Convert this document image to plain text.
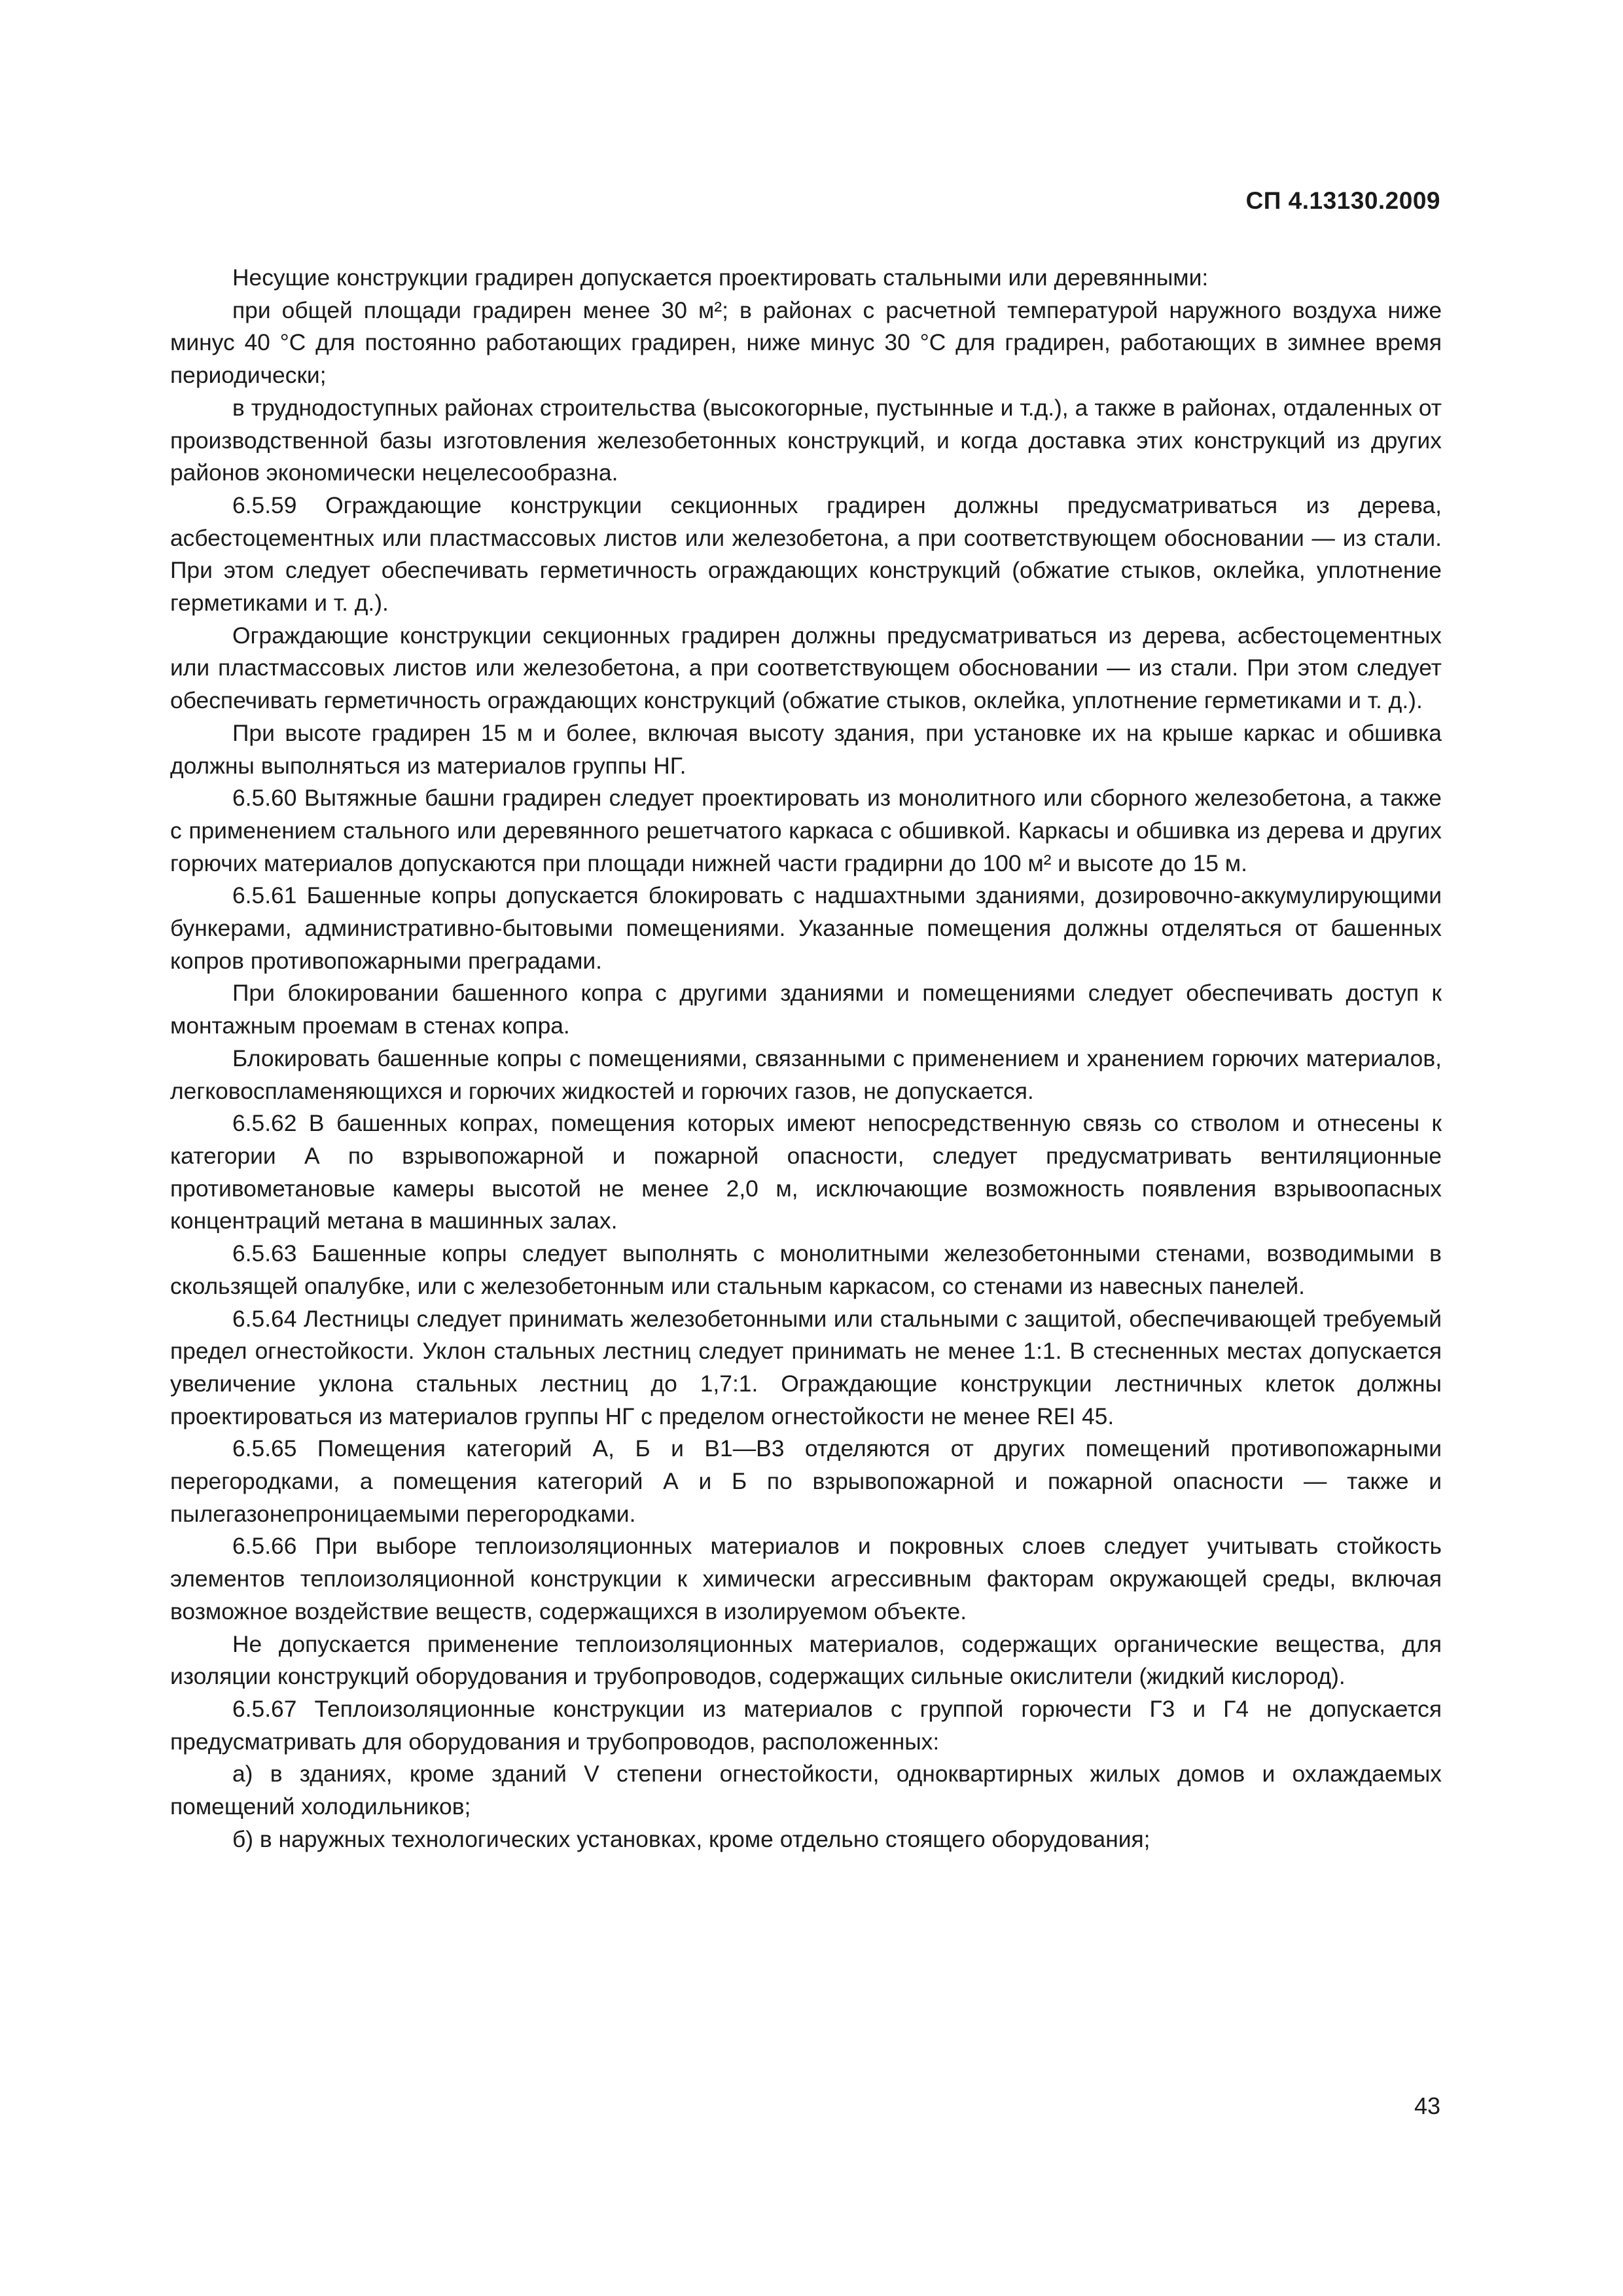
СП 4.13130.2009

Несущие конструкции градирен допускается проектировать стальными или деревянными:

при общей площади градирен менее 30 м²; в районах с расчетной температурой наружного воздуха ниже минус 40 °С для постоянно работающих градирен, ниже минус 30 °С для градирен, работающих в зимнее время периодически;

в труднодоступных районах строительства (высокогорные, пустынные и т.д.), а также в районах, отдаленных от производственной базы изготовления железобетонных конструкций, и когда доставка этих конструкций из других районов экономически нецелесообразна.

6.5.59 Ограждающие конструкции секционных градирен должны предусматриваться из дерева, асбестоцементных или пластмассовых листов или железобетона, а при соответствующем обосновании — из стали. При этом следует обеспечивать герметичность ограждающих конструкций (обжатие стыков, оклейка, уплотнение герметиками и т. д.).

Ограждающие конструкции секционных градирен должны предусматриваться из дерева, асбестоцементных или пластмассовых листов или железобетона, а при соответствующем обосновании — из стали. При этом следует обеспечивать герметичность ограждающих конструкций (обжатие стыков, оклейка, уплотнение герметиками и т. д.).

При высоте градирен 15 м и более, включая высоту здания, при установке их на крыше каркас и обшивка должны выполняться из материалов группы НГ.

6.5.60 Вытяжные башни градирен следует проектировать из монолитного или сборного железобетона, а также с применением стального или деревянного решетчатого каркаса с обшивкой. Каркасы и обшивка из дерева и других горючих материалов допускаются при площади нижней части градирни до 100 м² и высоте до 15 м.

6.5.61 Башенные копры допускается блокировать с надшахтными зданиями, дозировочно-аккумулирующими бункерами, административно-бытовыми помещениями. Указанные помещения должны отделяться от башенных копров противопожарными преградами.

При блокировании башенного копра с другими зданиями и помещениями следует обеспечивать доступ к монтажным проемам в стенах копра.

Блокировать башенные копры с помещениями, связанными с применением и хранением горючих материалов, легковоспламеняющихся и горючих жидкостей и горючих газов, не допускается.

6.5.62 В башенных копрах, помещения которых имеют непосредственную связь со стволом и отнесены к категории А по взрывопожарной и пожарной опасности, следует предусматривать вентиляционные противометановые камеры высотой не менее 2,0 м, исключающие возможность появления взрывоопасных концентраций метана в машинных залах.

6.5.63 Башенные копры следует выполнять с монолитными железобетонными стенами, возводимыми в скользящей опалубке, или с железобетонным или стальным каркасом, со стенами из навесных панелей.

6.5.64 Лестницы следует принимать железобетонными или стальными с защитой, обеспечивающей требуемый предел огнестойкости. Уклон стальных лестниц следует принимать не менее 1:1. В стесненных местах допускается увеличение уклона стальных лестниц до 1,7:1. Ограждающие конструкции лестничных клеток должны проектироваться из материалов группы НГ с пределом огнестойкости не менее REI 45.

6.5.65 Помещения категорий А, Б и В1—В3 отделяются от других помещений противопожарными перегородками, а помещения категорий А и Б по взрывопожарной и пожарной опасности — также и пылегазонепроницаемыми перегородками.

6.5.66 При выборе теплоизоляционных материалов и покровных слоев следует учитывать стойкость элементов теплоизоляционной конструкции к химически агрессивным факторам окружающей среды, включая возможное воздействие веществ, содержащихся в изолируемом объекте.

Не допускается применение теплоизоляционных материалов, содержащих органические вещества, для изоляции конструкций оборудования и трубопроводов, содержащих сильные окислители (жидкий кислород).

6.5.67 Теплоизоляционные конструкции из материалов с группой горючести Г3 и Г4 не допускается предусматривать для оборудования и трубопроводов, расположенных:

а) в зданиях, кроме зданий V степени огнестойкости, одноквартирных жилых домов и охлаждаемых помещений холодильников;

б) в наружных технологических установках, кроме отдельно стоящего оборудования;

43
